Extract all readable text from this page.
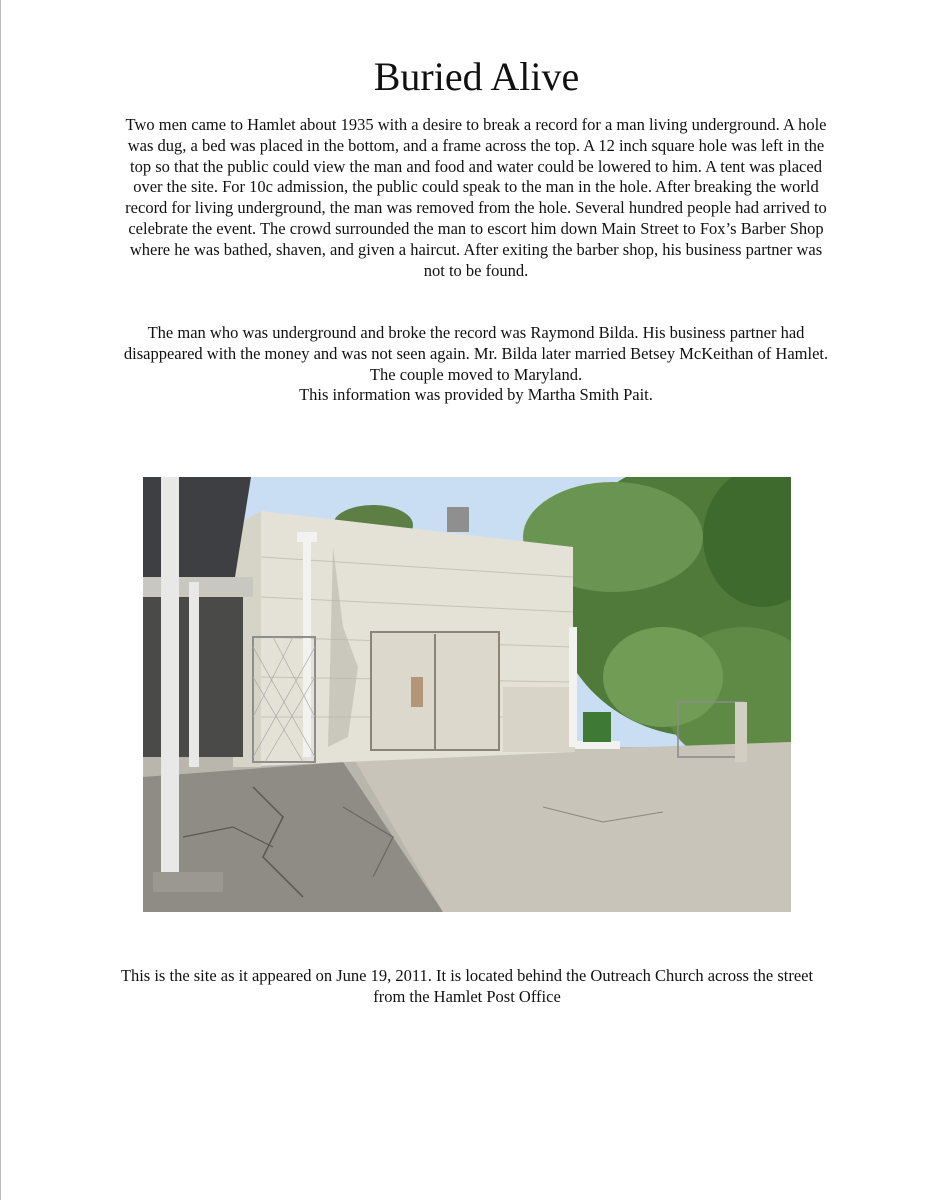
Buried Alive

Two men came to Hamlet about 1935 with a desire to break a record for a man living underground. A hole was dug, a bed was placed in the bottom, and a frame across the top. A 12 inch square hole was left in the top so that the public could view the man and food and water could be lowered to him. A tent was placed over the site. For 10c admission, the public could speak to the man in the hole. After breaking the world record for living underground, the man was removed from the hole. Several hundred people had arrived to celebrate the event. The crowd surrounded the man to escort him down Main Street to Fox’s Barber Shop where he was bathed, shaven, and given a haircut. After exiting the barber shop, his business partner was not to be found.

The man who was underground and broke the record was Raymond Bilda. His business partner had disappeared with the money and was not seen again. Mr. Bilda later married Betsey McKeithan of Hamlet. The couple moved to Maryland.
This information was provided by Martha Smith Pait.

This is the site as it appeared on June 19, 2011. It is located behind the Outreach Church across the street from the Hamlet Post Office
